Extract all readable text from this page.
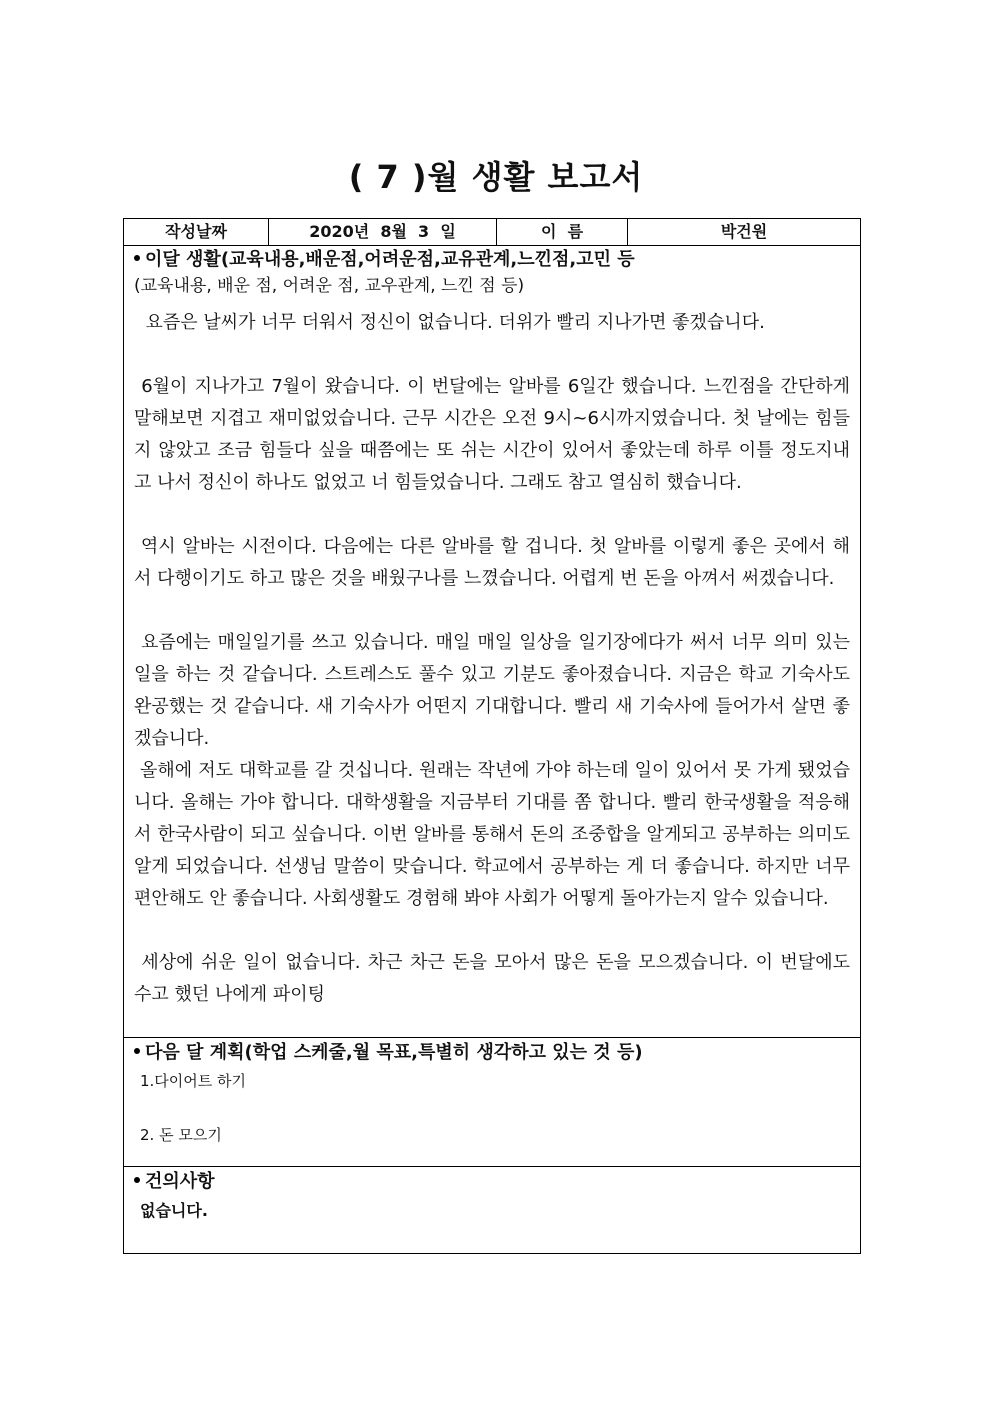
( 7 )월 생활 보고서
작성날짜	2020년  8월  3  일	이  름	박건원
이달 생활(교육내용,배운점,어려운점,교유관계,느낀점,고민 등
(교육내용, 배운 점, 어려운 점, 교우관계, 느낀 점 등)

요즘은 날씨가 너무 더워서 정신이 없습니다. 더위가 빨리 지나가면 좋겠습니다.

6월이 지나가고 7월이 왔습니다. 이 번달에는 알바를 6일간 했습니다. 느낀점을 간단하게 말해보면 지겹고 재미없었습니다. 근무 시간은 오전 9시~6시까지였습니다. 첫 날에는 힘들지 않았고 조금 힘들다 싶을 때쯤에는 또 쉬는 시간이 있어서 좋았는데 하루 이틀 정도지내고 나서 정신이 하나도 없었고 너 힘들었습니다. 그래도 참고 열심히 했습니다.

역시 알바는 시전이다. 다음에는 다른 알바를 할 겁니다. 첫 알바를 이렇게 좋은 곳에서 해서 다행이기도 하고 많은 것을 배웠구나를 느꼈습니다. 어렵게 번 돈을 아껴서 써겠습니다.

요즘에는 매일일기를 쓰고 있습니다. 매일 매일 일상을 일기장에다가 써서 너무 의미 있는 일을 하는 것 같습니다. 스트레스도 풀수 있고 기분도 좋아졌습니다. 지금은 학교 기숙사도 완공했는 것 같습니다. 새 기숙사가 어떤지 기대합니다. 빨리 새 기숙사에 들어가서 살면 좋겠습니다.

올해에 저도 대학교를 갈 것십니다. 원래는 작년에 가야 하는데 일이 있어서 못 가게 됐었습니다. 올해는 가야 합니다. 대학생활을 지금부터 기대를 쫌 합니다. 빨리 한국생활을 적응해서 한국사람이 되고 싶습니다. 이번 알바를 통해서 돈의 조중합을 알게되고 공부하는 의미도 알게 되었습니다. 선생님 말씀이 맞습니다. 학교에서 공부하는 게 더 좋습니다. 하지만 너무 편안해도 안 좋습니다. 사회생활도 경험해 봐야 사회가 어떻게 돌아가는지 알수 있습니다.

세상에 쉬운 일이 없습니다. 차근 차근 돈을 모아서 많은 돈을 모으겠습니다. 이 번달에도 수고 했던 나에게 파이팅

다음 달 계획(학업 스케줄,월 목표,특별히 생각하고 있는 것 등)
1.다이어트 하기
2. 돈 모으기
건의사항
없습니다.
